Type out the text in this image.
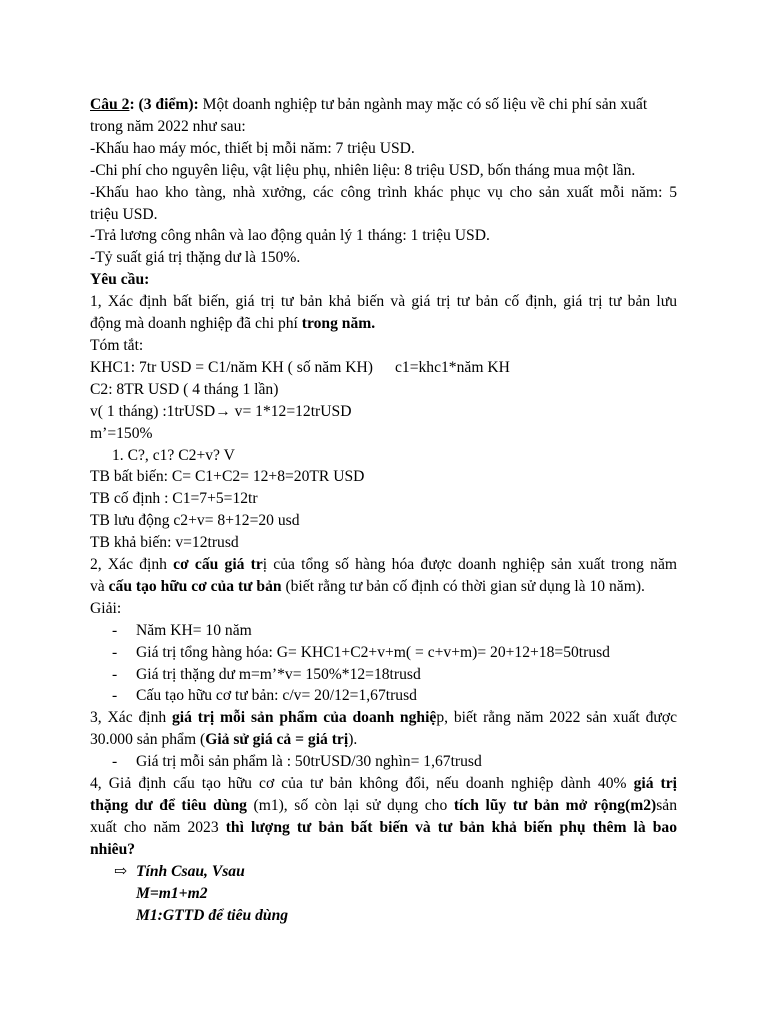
Câu 2: (3 điểm): Một doanh nghiệp tư bản ngành may mặc có số liệu về chi phí sản xuất
trong năm 2022 như sau:
-Khấu hao máy móc, thiết bị mỗi năm: 7 triệu USD.
-Chi phí cho nguyên liệu, vật liệu phụ, nhiên liệu: 8 triệu USD, bốn tháng mua một lần.
-Khấu hao kho tàng, nhà xưởng, các công trình khác phục vụ cho sản xuất mỗi năm: 5
triệu USD.
-Trả lương công nhân và lao động quản lý 1 tháng: 1 triệu USD.
-Tỷ suất giá trị thặng dư là 150%.
Yêu cầu:
1, Xác định bất biến, giá trị tư bản khả biến và giá trị tư bản cố định, giá trị tư bản lưu
động mà doanh nghiệp đã chi phí trong năm.
Tóm tắt:
KHC1: 7tr USD = C1/năm KH ( số năm KH) c1=khc1*năm KH
C2: 8TR USD ( 4 tháng 1 lần)
v( 1 tháng) :1trUSD→ v= 1*12=12trUSD
m’=150%
1. C?, c1? C2+v? V
TB bất biến: C= C1+C2= 12+8=20TR USD
TB cố định : C1=7+5=12tr
TB lưu động c2+v= 8+12=20 usd
TB khả biến: v=12trusd
2, Xác định cơ cấu giá trị của tổng số hàng hóa được doanh nghiệp sản xuất trong năm
và cấu tạo hữu cơ của tư bản (biết rằng tư bản cố định có thời gian sử dụng là 10 năm).
Giải:
- Năm KH= 10 năm
- Giá trị tổng hàng hóa: G= KHC1+C2+v+m( = c+v+m)= 20+12+18=50trusd
- Giá trị thặng dư m=m’*v= 150%*12=18trusd
- Cấu tạo hữu cơ tư bản: c/v= 20/12=1,67trusd
3, Xác định giá trị mỗi sản phẩm của doanh nghiệp, biết rằng năm 2022 sản xuất được
30.000 sản phẩm (Giả sử giá cả = giá trị).
- Giá trị mỗi sản phẩm là : 50trUSD/30 nghìn= 1,67trusd
4, Giả định cấu tạo hữu cơ của tư bản không đổi, nếu doanh nghiệp dành 40% giá trị
thặng dư để tiêu dùng (m1), số còn lại sử dụng cho tích lũy tư bản mở rộng(m2)sản
xuất cho năm 2023 thì lượng tư bản bất biến và tư bản khả biến phụ thêm là bao
nhiêu?
⇨ Tính Csau, Vsau
M=m1+m2
M1:GTTD để tiêu dùng
